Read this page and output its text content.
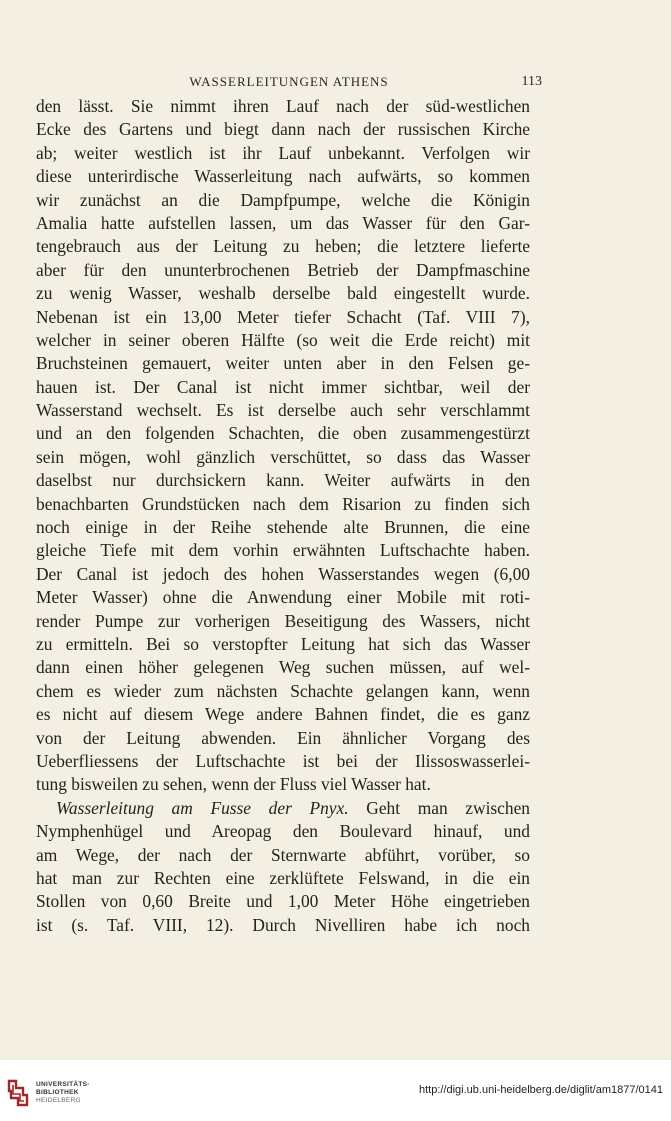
WASSERLEITUNGEN ATHENS	113
den lässt. Sie nimmt ihren Lauf nach der süd-westlichen
Ecke des Gartens und biegt dann nach der russischen Kirche
ab; weiter westlich ist ihr Lauf unbekannt. Verfolgen wir
diese unterirdische Wasserleitung nach aufwärts, so kommen
wir zunächst an die Dampfpumpe, welche die Königin
Amalia hatte aufstellen lassen, um das Wasser für den Gar-
tengebrauch aus der Leitung zu heben; die letztere lieferte
aber für den ununterbrochenen Betrieb der Dampfmaschine
zu wenig Wasser, weshalb derselbe bald eingestellt wurde.
Nebenan ist ein 13,00 Meter tiefer Schacht (Taf. VIII 7),
welcher in seiner oberen Hälfte (so weit die Erde reicht) mit
Bruchsteinen gemauert, weiter unten aber in den Felsen ge-
hauen ist. Der Canal ist nicht immer sichtbar, weil der
Wasserstand wechselt. Es ist derselbe auch sehr verschlammt
und an den folgenden Schachten, die oben zusammengestürzt
sein mögen, wohl gänzlich verschüttet, so dass das Wasser
daselbst nur durchsickern kann. Weiter aufwärts in den
benachbarten Grundstücken nach dem Risarion zu finden sich
noch einige in der Reihe stehende alte Brunnen, die eine
gleiche Tiefe mit dem vorhin erwähnten Luftschachte haben.
Der Canal ist jedoch des hohen Wasserstandes wegen (6,00
Meter Wasser) ohne die Anwendung einer Mobile mit roti-
render Pumpe zur vorherigen Beseitigung des Wassers, nicht
zu ermitteln. Bei so verstopfter Leitung hat sich das Wasser
dann einen höher gelegenen Weg suchen müssen, auf wel-
chem es wieder zum nächsten Schachte gelangen kann, wenn
es nicht auf diesem Wege andere Bahnen findet, die es ganz
von der Leitung abwenden. Ein ähnlicher Vorgang des
Ueberfliessens der Luftschachte ist bei der Ilissoswasserlei-
tung bisweilen zu sehen, wenn der Fluss viel Wasser hat.
Wasserleitung am Fusse der Pnyx. Geht man zwischen
Nymphenhügel und Areopag den Boulevard hinauf, und
am Wege, der nach der Sternwarte abführt, vorüber, so
hat man zur Rechten eine zerklüftete Felswand, in die ein
Stollen von 0,60 Breite und 1,00 Meter Höhe eingetrieben
ist (s. Taf. VIII, 12). Durch Nivelliren habe ich noch
UNIVERSITÄTS-
BIBLIOTHEK
HEIDELBERG
http://digi.ub.uni-heidelberg.de/diglit/am1877/0141
